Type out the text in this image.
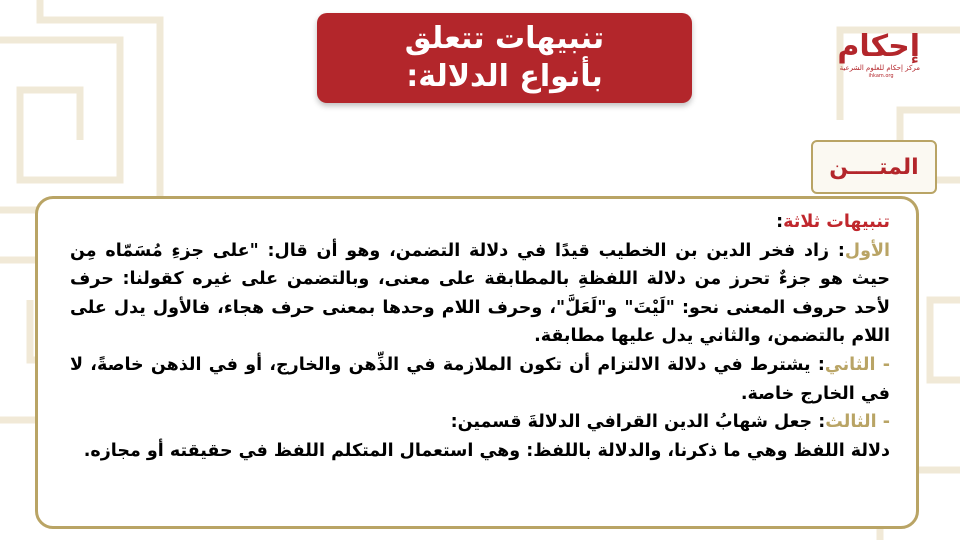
تنبيهات تتعلق
بأنواع الدلالة:
إحكام
مركز إحكام للعلوم الشرعية
ihkam.org
المتــــن

تنبيهات ثلاثة:

الأول: زاد فخر الدين بن الخطيب قيدًا في دلالة التضمن، وهو أن قال: "على جزءِ مُسَمّاه مِن حيث هو جزءٌ تحرز من دلالة اللفظةِ بالمطابقة على معنى، وبالتضمن على غيره كقولنا: حرف لأحد حروف المعنى نحو: "لَيْتَ" و"لَعَلَّ"، وحرف اللام وحدها بمعنى حرف هجاء، فالأول يدل على اللام بالتضمن، والثاني يدل عليها مطابقة.

- الثاني: يشترط في دلالة الالتزام أن تكون الملازمة في الذِّهن والخارج، أو في الذهن خاصةً، لا في الخارج خاصة.

- الثالث: جعل شهابُ الدين القرافي الدلالةَ قسمين:

دلالة اللفظ وهي ما ذكرنا، والدلالة باللفظ: وهي استعمال المتكلم اللفظ في حقيقته أو مجازه.
